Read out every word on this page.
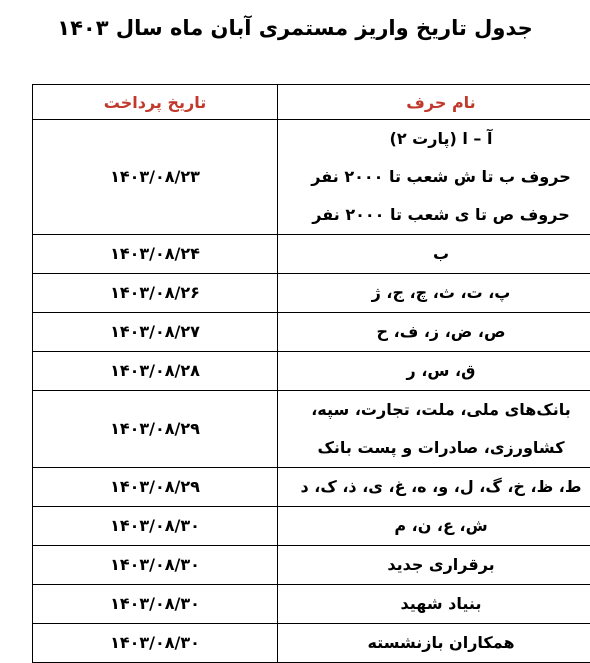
جدول تاریخ واریز مستمری آبان ماه سال ۱۴۰۳
نام حرف	تاریخ پرداخت

آ – ا (پارت ۲)
حروف ب تا ش شعب تا ۲۰۰۰ نفر
حروف ص تا ی شعب تا ۲۰۰۰ نفر	۱۴۰۳/۰۸/۲۳

ب	۱۴۰۳/۰۸/۲۴

پ، ت، ث، چ، ج، ژ	۱۴۰۳/۰۸/۲۶

ص، ض، ز، ف، ح	۱۴۰۳/۰۸/۲۷

ق، س، ر	۱۴۰۳/۰۸/۲۸

بانک‌های ملی، ملت، تجارت، سپه،
کشاورزی، صادرات و پست بانک	۱۴۰۳/۰۸/۲۹

ط، ظ، خ، گ، ل، و، ه، غ، ی، ذ، ک، د	۱۴۰۳/۰۸/۲۹

ش، ع، ن، م	۱۴۰۳/۰۸/۳۰

برقراری جدید	۱۴۰۳/۰۸/۳۰

بنیاد شهید	۱۴۰۳/۰۸/۳۰

همکاران بازنشسته	۱۴۰۳/۰۸/۳۰
